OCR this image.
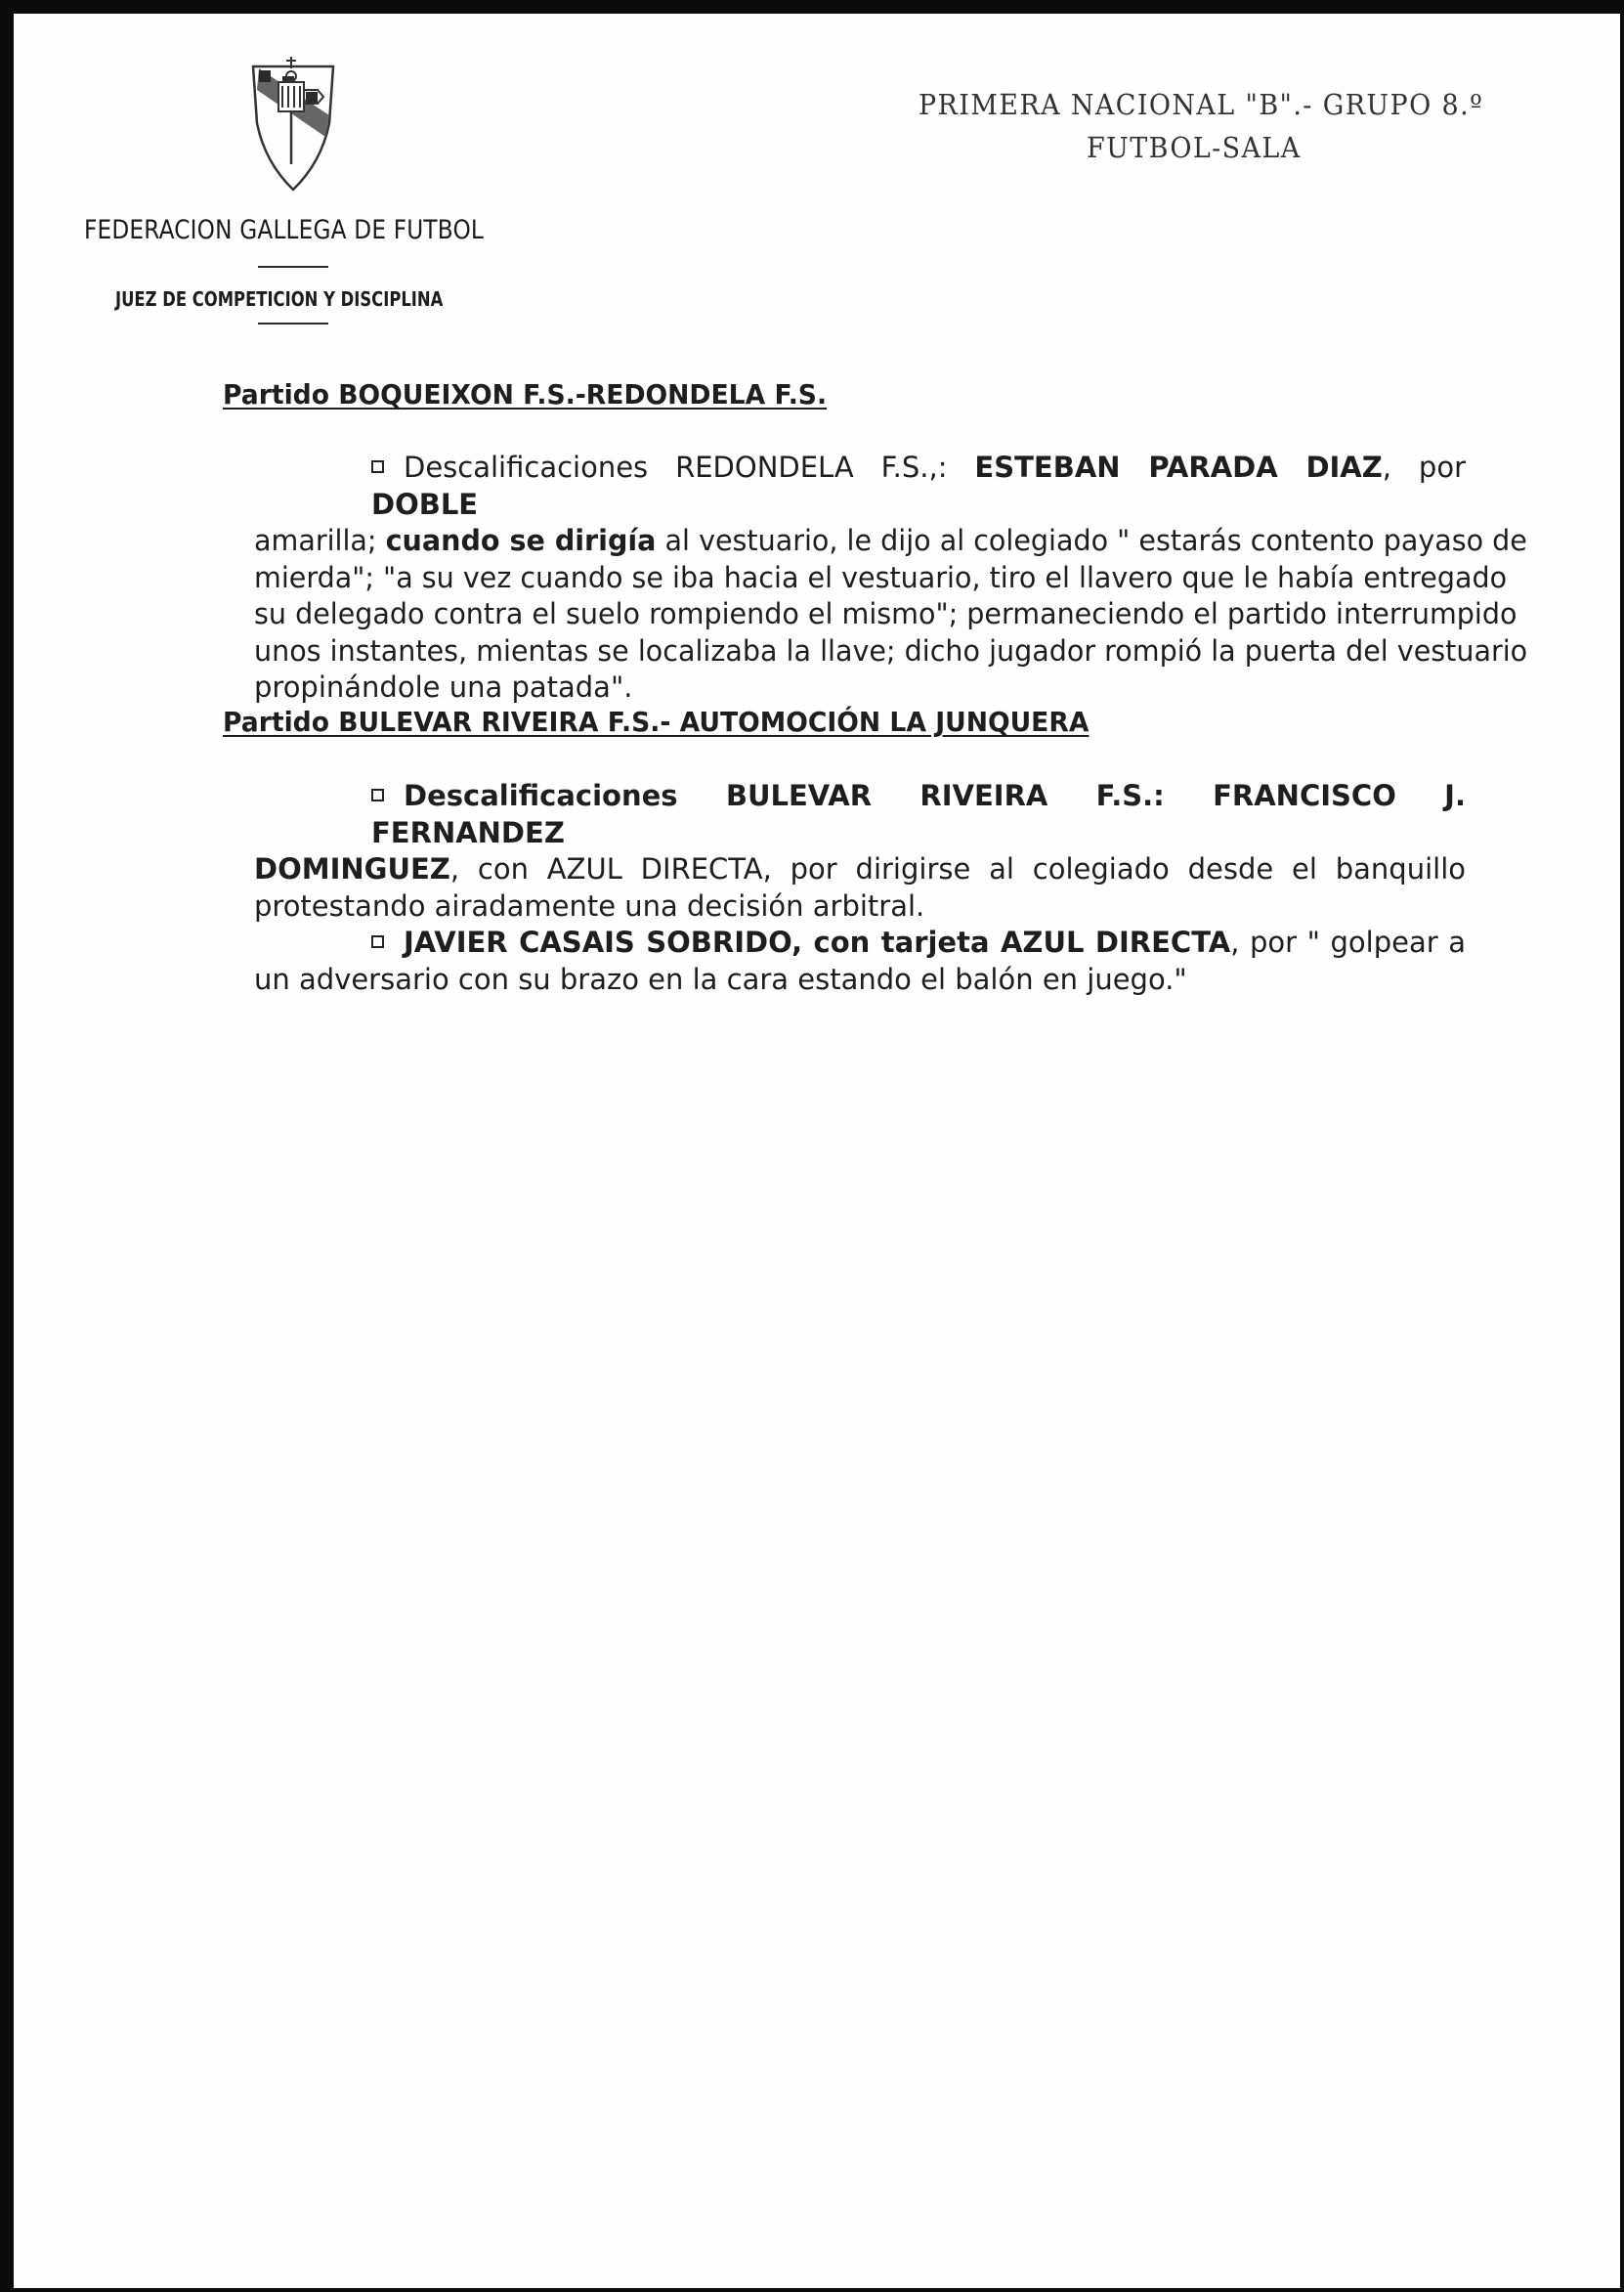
FEDERACION GALLEGA DE FUTBOL
JUEZ DE COMPETICION Y DISCIPLINA
PRIMERA NACIONAL "B".- GRUPO 8.º
FUTBOL-SALA
Partido BOQUEIXON F.S.-REDONDELA F.S.
Descalificaciones REDONDELA F.S.,: ESTEBAN PARADA DIAZ, por DOBLE
amarilla; cuando se dirigía al vestuario, le dijo al colegiado " estarás contento payaso de
mierda"; "a su vez cuando se iba hacia el vestuario, tiro el llavero que le había entregado
su delegado contra el suelo rompiendo el mismo"; permaneciendo el partido interrumpido
unos instantes, mientas se localizaba la llave; dicho jugador rompió la puerta del vestuario
propinándole una patada".
Partido BULEVAR RIVEIRA F.S.- AUTOMOCIÓN LA JUNQUERA
Descalificaciones BULEVAR RIVEIRA F.S.: FRANCISCO J. FERNANDEZ
DOMINGUEZ, con AZUL DIRECTA, por dirigirse al colegiado desde el banquillo
protestando airadamente una decisión arbitral.
JAVIER CASAIS SOBRIDO, con tarjeta AZUL DIRECTA, por " golpear a
un adversario con su brazo en la cara estando el balón en juego."
